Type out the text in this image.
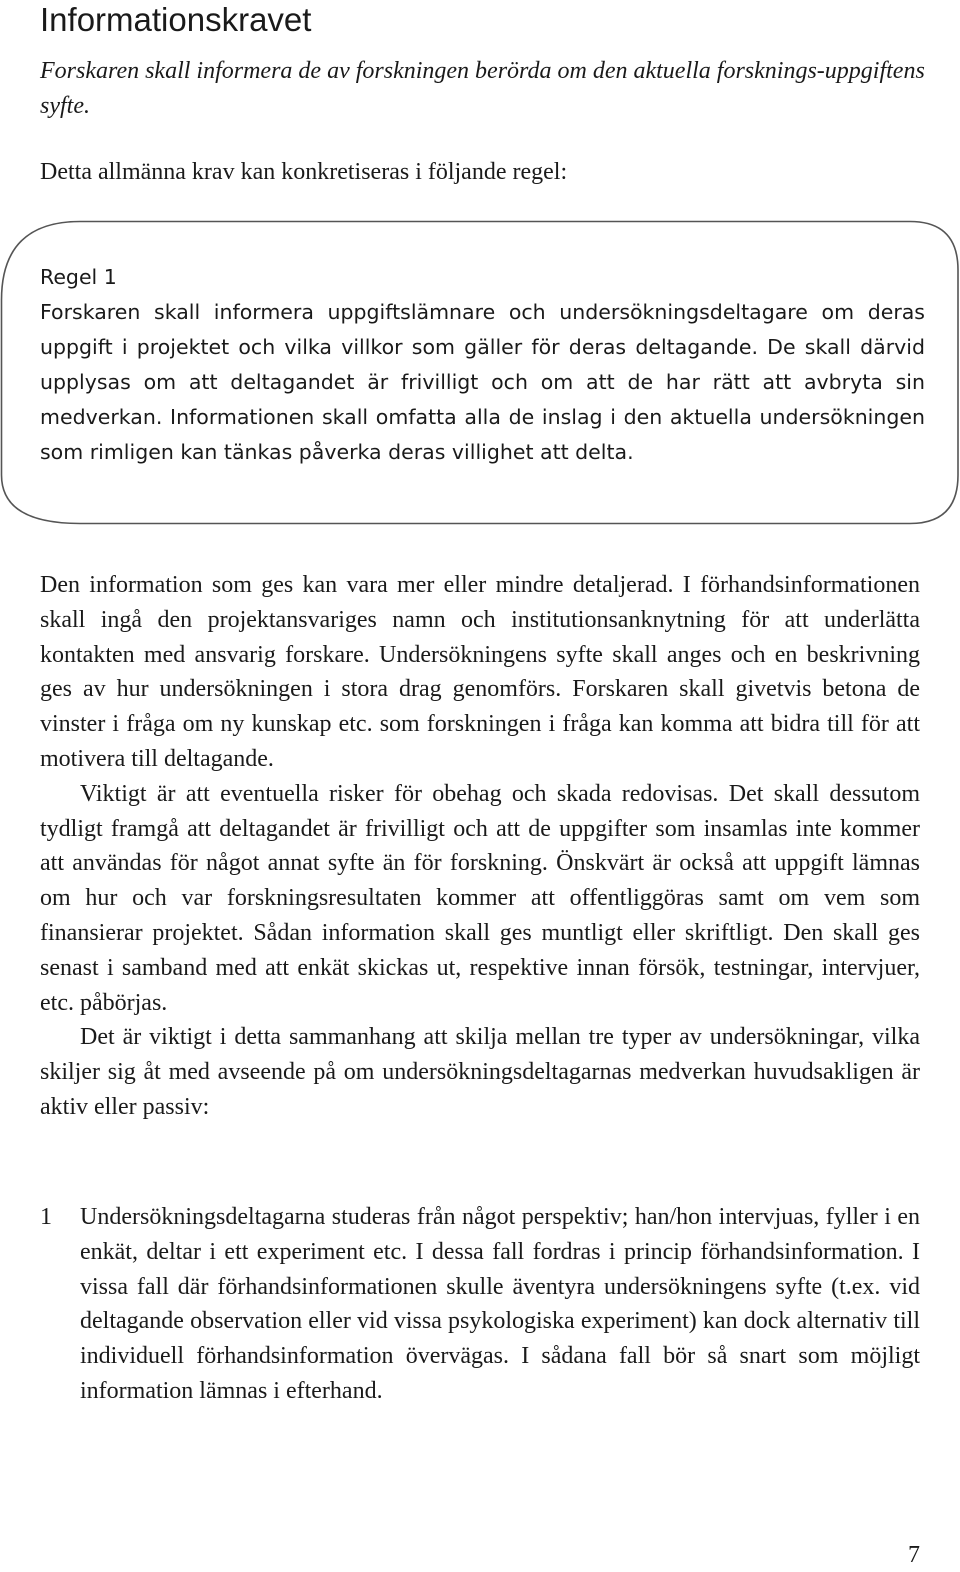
Informationskravet

Forskaren skall informera de av forskningen berörda om den aktuella forsknings-uppgiftens syfte.

Detta allmänna krav kan konkretiseras i följande regel:

Regel 1

Forskaren skall informera uppgiftslämnare och undersökningsdeltagare om deras uppgift i projektet och vilka villkor som gäller för deras deltagande. De skall därvid upplysas om att deltagandet är frivilligt och om att de har rätt att avbryta sin medverkan. Informationen skall omfatta alla de inslag i den aktuella undersökningen som rimligen kan tänkas påverka deras villighet att delta.

Den information som ges kan vara mer eller mindre detaljerad. I förhandsinformationen skall ingå den projektansvariges namn och institutionsanknytning för att underlätta kontakten med ansvarig forskare. Undersökningens syfte skall anges och en beskrivning ges av hur undersökningen i stora drag genomförs. Forskaren skall givetvis betona de vinster i fråga om ny kunskap etc. som forskningen i fråga kan komma att bidra till för att motivera till deltagande.

Viktigt är att eventuella risker för obehag och skada redovisas. Det skall dessutom tydligt framgå att deltagandet är frivilligt och att de uppgifter som insamlas inte kommer att användas för något annat syfte än för forskning. Önskvärt är också att uppgift lämnas om hur och var forskningsresultaten kommer att offentliggöras samt om vem som finansierar projektet. Sådan information skall ges muntligt eller skriftligt. Den skall ges senast i samband med att enkät skickas ut, respektive innan försök, testningar, intervjuer, etc. påbörjas.

Det är viktigt i detta sammanhang att skilja mellan tre typer av undersökningar, vilka skiljer sig åt med avseende på om undersökningsdeltagarnas medverkan huvudsakligen är aktiv eller passiv:

1 Undersökningsdeltagarna studeras från något perspektiv; han/hon intervjuas, fyller i en enkät, deltar i ett experiment etc. I dessa fall fordras i princip förhandsinformation. I vissa fall där förhandsinformationen skulle äventyra undersökningens syfte (t.ex. vid deltagande observation eller vid vissa psykologiska experiment) kan dock alternativ till individuell förhandsinformation övervägas. I sådana fall bör så snart som möjligt information lämnas i efterhand.
7
